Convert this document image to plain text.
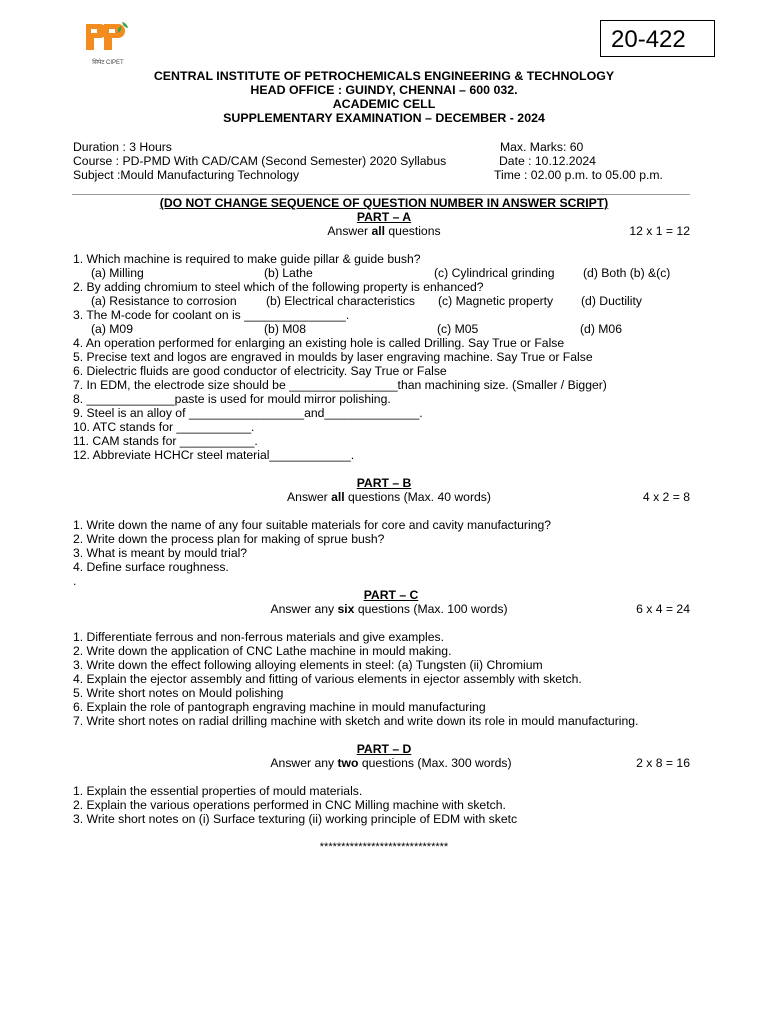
सिपेट CIPET
20-422
CENTRAL INSTITUTE OF PETROCHEMICALS ENGINEERING & TECHNOLOGY
HEAD OFFICE : GUINDY, CHENNAI – 600 032.
ACADEMIC CELL
SUPPLEMENTARY EXAMINATION – DECEMBER - 2024
Duration : 3 Hours
Course : PD-PMD With CAD/CAM (Second Semester) 2020 Syllabus
Subject :Mould Manufacturing Technology
Max. Marks: 60
Date : 10.12.2024
Time : 02.00 p.m. to 05.00 p.m.
(DO NOT CHANGE SEQUENCE OF QUESTION NUMBER IN ANSWER SCRIPT)
PART – A
Answer all questions	12 x 1 = 12
1. Which machine is required to make guide pillar & guide bush?
(a) Milling	(b) Lathe	(c) Cylindrical grinding (d) Both (b) &(c)
2. By adding chromium to steel which of the following property is enhanced?
(a) Resistance to corrosion (b) Electrical characteristics (c) Magnetic property (d) Ductility
3. The M-code for coolant on is _______________.
(a) M09	(b) M08	(c) M05	(d) M06
4. An operation performed for enlarging an existing hole is called Drilling. Say True or False
5. Precise text and logos are engraved in moulds by laser engraving machine. Say True or False
6. Dielectric fluids are good conductor of electricity. Say True or False
7. In EDM, the electrode size should be ________________than machining size. (Smaller / Bigger)
8. _____________paste is used for mould mirror polishing.
9. Steel is an alloy of _________________and______________.
10. ATC stands for ___________.
11. CAM stands for ___________.
12. Abbreviate HCHCr steel material____________.
PART – B
Answer all questions (Max. 40 words)	4 x 2 = 8
1. Write down the name of any four suitable materials for core and cavity manufacturing?
2. Write down the process plan for making of sprue bush?
3. What is meant by mould trial?
4. Define surface roughness.
.
PART – C
Answer any six questions (Max. 100 words)	6 x 4 = 24
1. Differentiate ferrous and non-ferrous materials and give examples.
2. Write down the application of CNC Lathe machine in mould making.
3. Write down the effect following alloying elements in steel: (a) Tungsten (ii) Chromium
4. Explain the ejector assembly and fitting of various elements in ejector assembly with sketch.
5. Write short notes on Mould polishing
6. Explain the role of pantograph engraving machine in mould manufacturing
7. Write short notes on radial drilling machine with sketch and write down its role in mould manufacturing.
PART – D
Answer any two questions (Max. 300 words)	2 x 8 = 16
1. Explain the essential properties of mould materials.
2. Explain the various operations performed in CNC Milling machine with sketch.
3. Write short notes on (i) Surface texturing (ii) working principle of EDM with sketc
******************************
